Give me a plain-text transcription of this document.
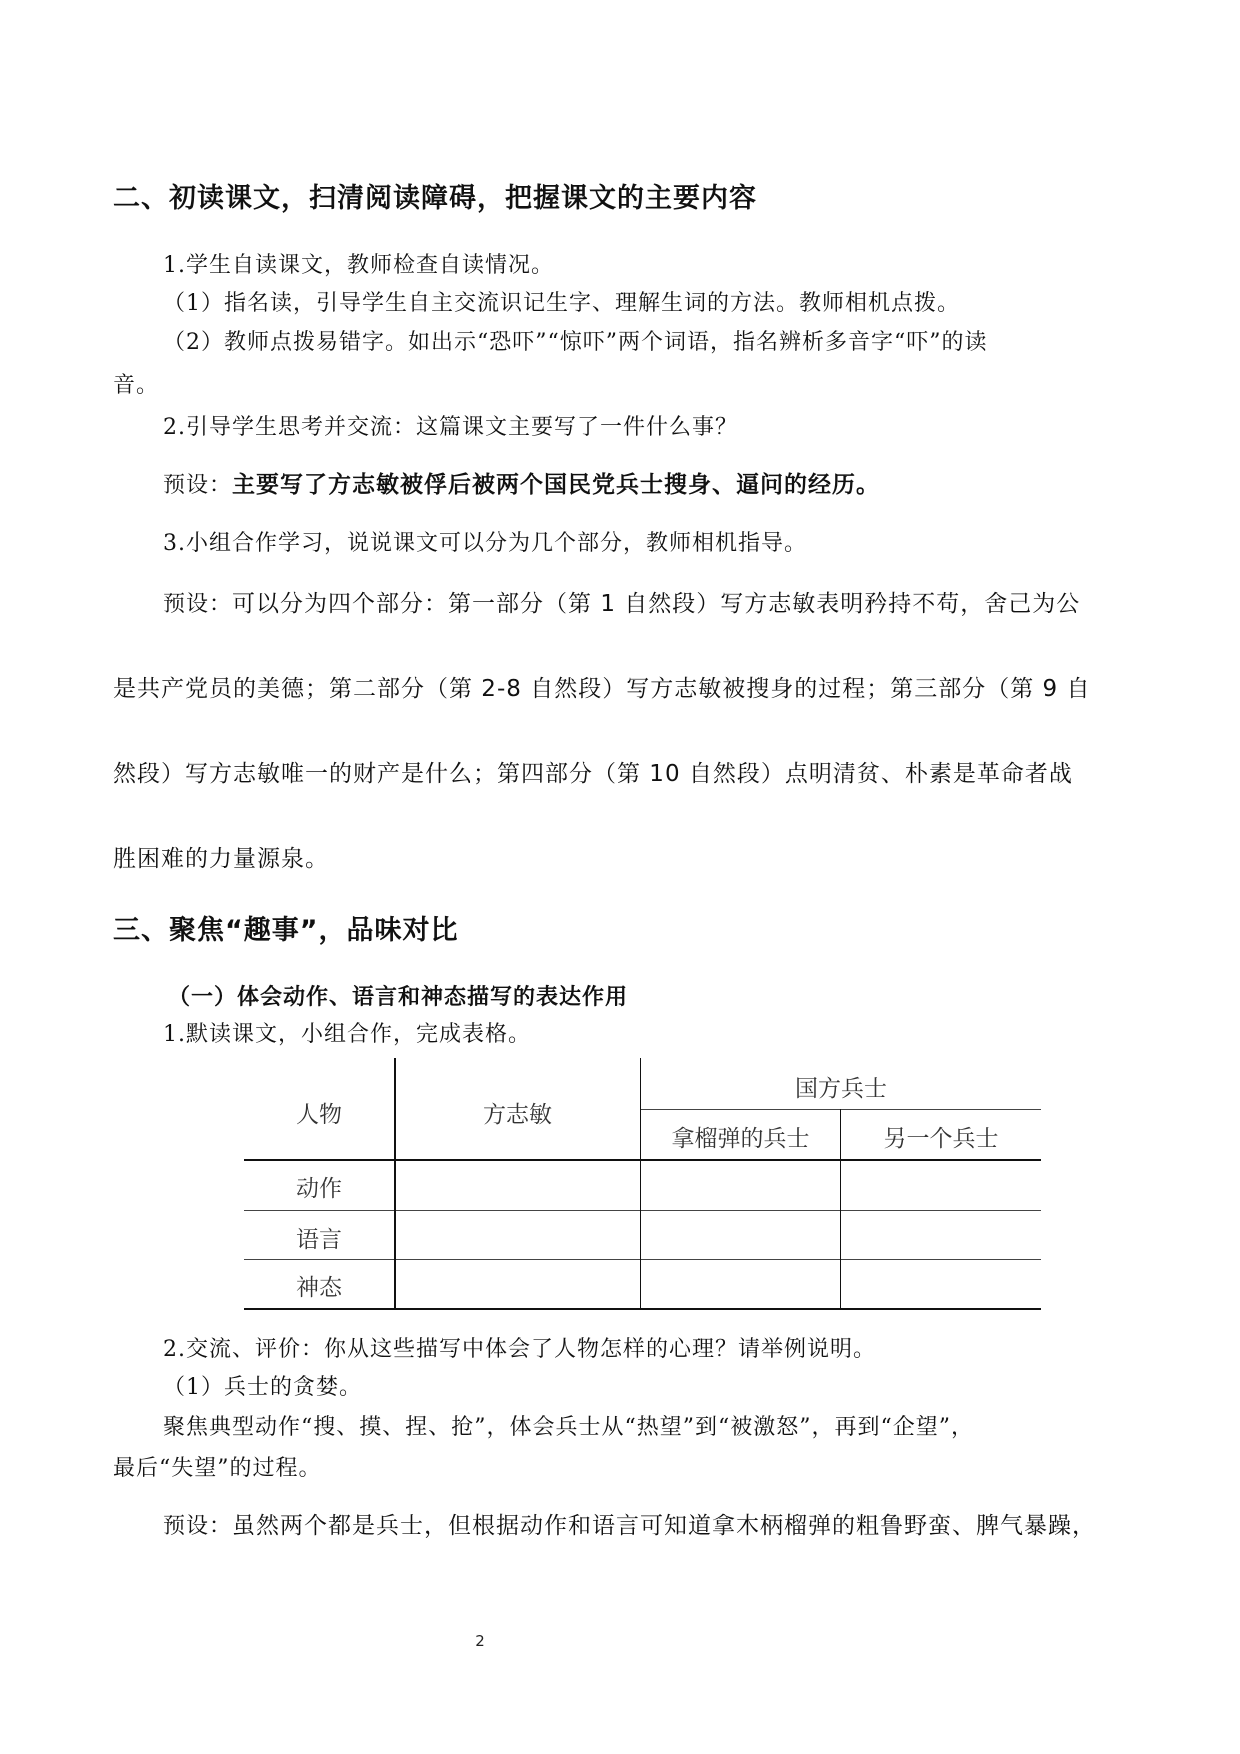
二、初读课文，扫清阅读障碍，把握课文的主要内容
1.学生自读课文，教师检查自读情况。
（1）指名读，引导学生自主交流识记生字、理解生词的方法。教师相机点拨。
（2）教师点拨易错字。如出示“恐吓”“惊吓”两个词语，指名辨析多音字“吓”的读
音。
2.引导学生思考并交流：这篇课文主要写了一件什么事？
预设：主要写了方志敏被俘后被两个国民党兵士搜身、逼问的经历。
3.小组合作学习，说说课文可以分为几个部分，教师相机指导。
预设：可以分为四个部分：第一部分（第 1 自然段）写方志敏表明矜持不苟，舍己为公
是共产党员的美德；第二部分（第 2-8 自然段）写方志敏被搜身的过程；第三部分（第 9 自
然段）写方志敏唯一的财产是什么；第四部分（第 10 自然段）点明清贫、朴素是革命者战
胜困难的力量源泉。
三、聚焦“趣事”，品味对比
（一）体会动作、语言和神态描写的表达作用
1.默读课文，小组合作，完成表格。
人物	方志敏
国方兵士
拿榴弹的兵士	另一个兵士
动作
语言
神态
2.交流、评价：你从这些描写中体会了人物怎样的心理？请举例说明。
（1）兵士的贪婪。
聚焦典型动作“搜、摸、捏、抢”，体会兵士从“热望”到“被激怒”，再到“企望”，
最后“失望”的过程。
预设：虽然两个都是兵士，但根据动作和语言可知道拿木柄榴弹的粗鲁野蛮、脾气暴躁，
2
